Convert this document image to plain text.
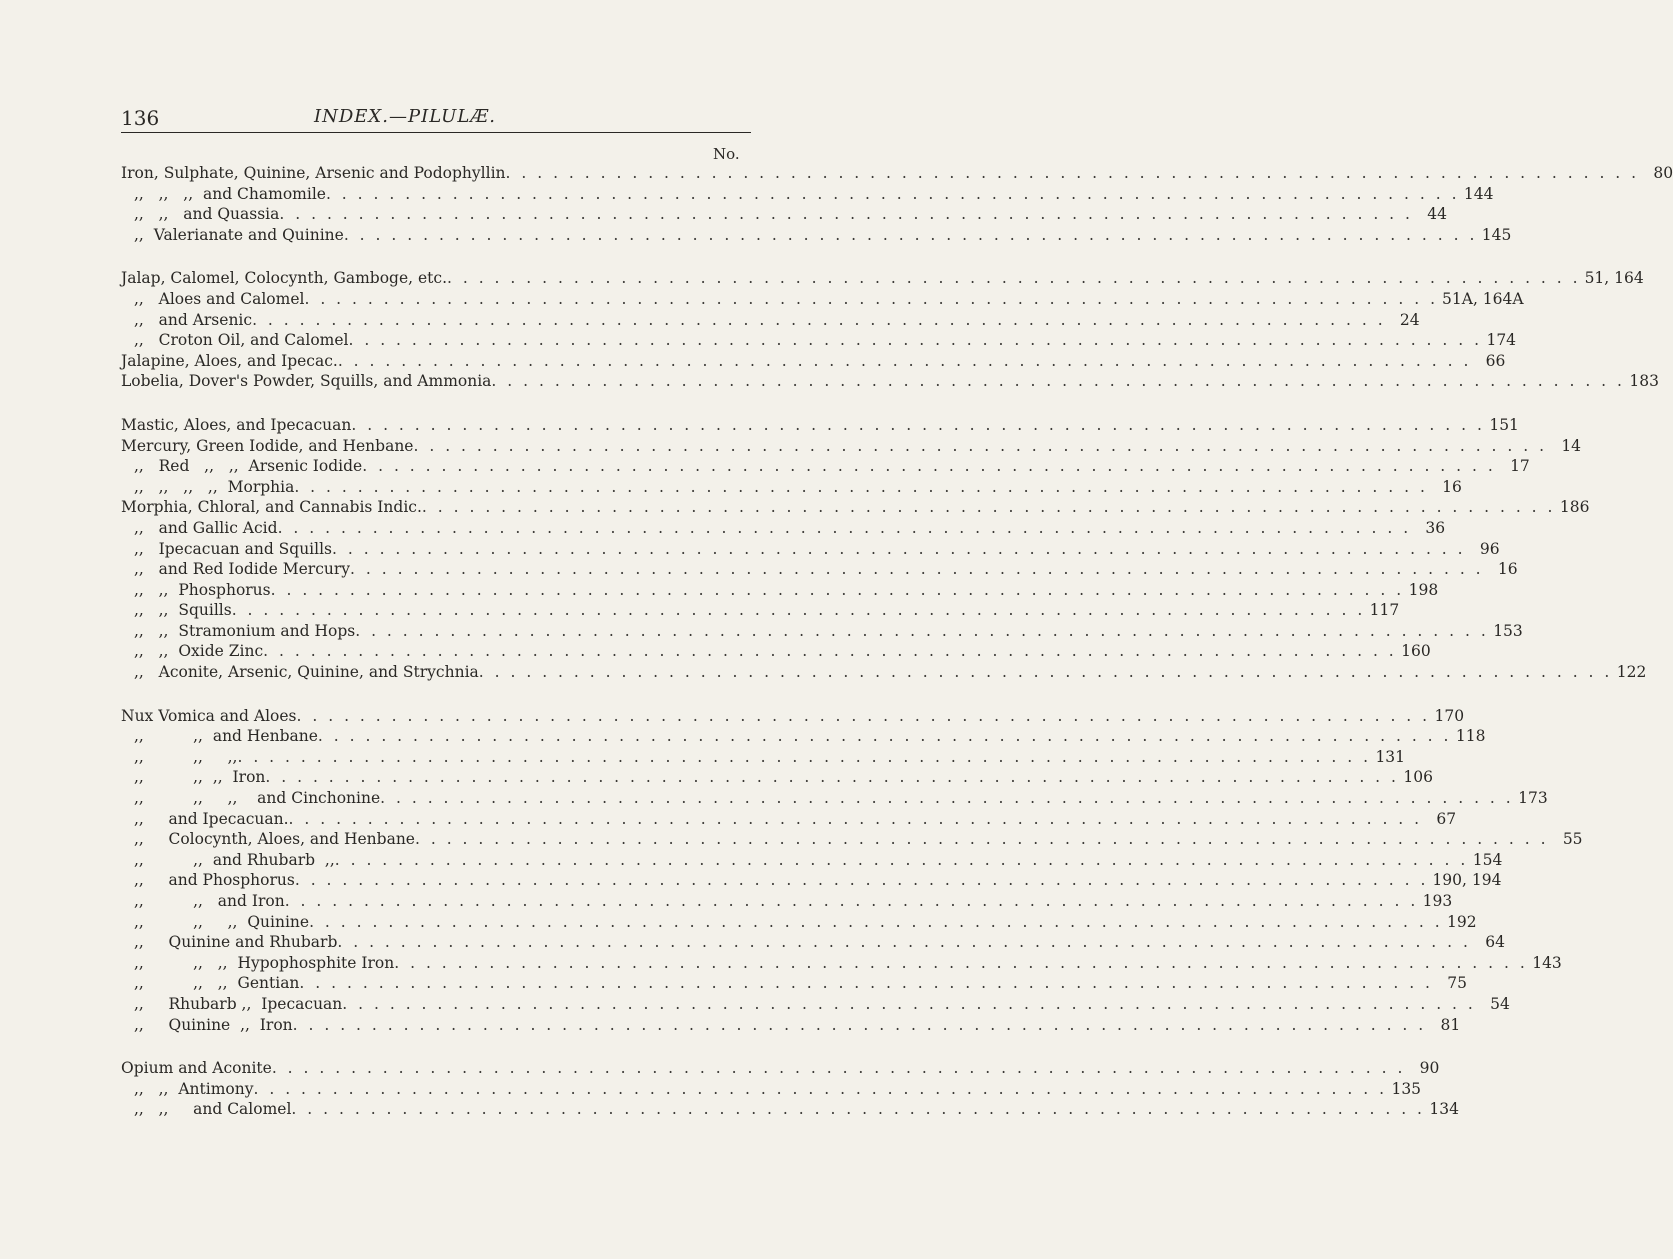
136	INDEX.—PILULÆ.
No.
Iron, Sulphate, Quinine, Arsenic and Podophyllin . . . . . . . . . . . . . . . . . . . . . . . . . . . . . . . . . . . . . . . . . . . . . . . . . . . . . . . . . . . . . . . . . . . . . . . . 80
,,   ,,   ,,  and Chamomile . . . . . . . . . . . . . . . . . . . . . . . . . . . . . . . . . . . . . . . . . . . . . . . . . . . . . . . . . . . . . . . . . . . . . . . . 144
,,   ,,   and Quassia . . . . . . . . . . . . . . . . . . . . . . . . . . . . . . . . . . . . . . . . . . . . . . . . . . . . . . . . . . . . . . . . . . . . . . . . 44
,,  Valerianate and Quinine . . . . . . . . . . . . . . . . . . . . . . . . . . . . . . . . . . . . . . . . . . . . . . . . . . . . . . . . . . . . . . . . . . . . . . . . 145
Jalap, Calomel, Colocynth, Gamboge, etc. . . . . . . . . . . . . . . . . . . . . . . . . . . . . . . . . . . . . . . . . . . . . . . . . . . . . . . . . . . . . . . . . . . . . . . . . 51, 164
,,   Aloes and Calomel . . . . . . . . . . . . . . . . . . . . . . . . . . . . . . . . . . . . . . . . . . . . . . . . . . . . . . . . . . . . . . . . . . . . . . . . 51A, 164A
,,   and Arsenic . . . . . . . . . . . . . . . . . . . . . . . . . . . . . . . . . . . . . . . . . . . . . . . . . . . . . . . . . . . . . . . . . . . . . . . . 24
,,   Croton Oil, and Calomel . . . . . . . . . . . . . . . . . . . . . . . . . . . . . . . . . . . . . . . . . . . . . . . . . . . . . . . . . . . . . . . . . . . . . . . . 174
Jalapine, Aloes, and Ipecac. . . . . . . . . . . . . . . . . . . . . . . . . . . . . . . . . . . . . . . . . . . . . . . . . . . . . . . . . . . . . . . . . . . . . . . . . 66
Lobelia, Dover's Powder, Squills, and Ammonia . . . . . . . . . . . . . . . . . . . . . . . . . . . . . . . . . . . . . . . . . . . . . . . . . . . . . . . . . . . . . . . . . . . . . . . . 183
Mastic, Aloes, and Ipecacuan . . . . . . . . . . . . . . . . . . . . . . . . . . . . . . . . . . . . . . . . . . . . . . . . . . . . . . . . . . . . . . . . . . . . . . . . 151
Mercury, Green Iodide, and Henbane . . . . . . . . . . . . . . . . . . . . . . . . . . . . . . . . . . . . . . . . . . . . . . . . . . . . . . . . . . . . . . . . . . . . . . . . 14
,,   Red   ,,   ,,  Arsenic Iodide . . . . . . . . . . . . . . . . . . . . . . . . . . . . . . . . . . . . . . . . . . . . . . . . . . . . . . . . . . . . . . . . . . . . . . . . 17
,,   ,,   ,,   ,,  Morphia . . . . . . . . . . . . . . . . . . . . . . . . . . . . . . . . . . . . . . . . . . . . . . . . . . . . . . . . . . . . . . . . . . . . . . . . 16
Morphia, Chloral, and Cannabis Indic. . . . . . . . . . . . . . . . . . . . . . . . . . . . . . . . . . . . . . . . . . . . . . . . . . . . . . . . . . . . . . . . . . . . . . . . . 186
,,   and Gallic Acid . . . . . . . . . . . . . . . . . . . . . . . . . . . . . . . . . . . . . . . . . . . . . . . . . . . . . . . . . . . . . . . . . . . . . . . . 36
,,   Ipecacuan and Squills . . . . . . . . . . . . . . . . . . . . . . . . . . . . . . . . . . . . . . . . . . . . . . . . . . . . . . . . . . . . . . . . . . . . . . . . 96
,,   and Red Iodide Mercury . . . . . . . . . . . . . . . . . . . . . . . . . . . . . . . . . . . . . . . . . . . . . . . . . . . . . . . . . . . . . . . . . . . . . . . . 16
,,   ,,  Phosphorus . . . . . . . . . . . . . . . . . . . . . . . . . . . . . . . . . . . . . . . . . . . . . . . . . . . . . . . . . . . . . . . . . . . . . . . . 198
,,   ,,  Squills . . . . . . . . . . . . . . . . . . . . . . . . . . . . . . . . . . . . . . . . . . . . . . . . . . . . . . . . . . . . . . . . . . . . . . . . 117
,,   ,,  Stramonium and Hops . . . . . . . . . . . . . . . . . . . . . . . . . . . . . . . . . . . . . . . . . . . . . . . . . . . . . . . . . . . . . . . . . . . . . . . . 153
,,   ,,  Oxide Zinc . . . . . . . . . . . . . . . . . . . . . . . . . . . . . . . . . . . . . . . . . . . . . . . . . . . . . . . . . . . . . . . . . . . . . . . . 160
,,   Aconite, Arsenic, Quinine, and Strychnia . . . . . . . . . . . . . . . . . . . . . . . . . . . . . . . . . . . . . . . . . . . . . . . . . . . . . . . . . . . . . . . . . . . . . . . . 122
Nux Vomica and Aloes . . . . . . . . . . . . . . . . . . . . . . . . . . . . . . . . . . . . . . . . . . . . . . . . . . . . . . . . . . . . . . . . . . . . . . . . 170
,,          ,,  and Henbane . . . . . . . . . . . . . . . . . . . . . . . . . . . . . . . . . . . . . . . . . . . . . . . . . . . . . . . . . . . . . . . . . . . . . . . . 118
,,          ,,     ,, . . . . . . . . . . . . . . . . . . . . . . . . . . . . . . . . . . . . . . . . . . . . . . . . . . . . . . . . . . . . . . . . . . . . . . . . 131
,,          ,,  ,,  Iron . . . . . . . . . . . . . . . . . . . . . . . . . . . . . . . . . . . . . . . . . . . . . . . . . . . . . . . . . . . . . . . . . . . . . . . . 106
,,          ,,     ,,    and Cinchonine . . . . . . . . . . . . . . . . . . . . . . . . . . . . . . . . . . . . . . . . . . . . . . . . . . . . . . . . . . . . . . . . . . . . . . . . 173
,,     and Ipecacuan. . . . . . . . . . . . . . . . . . . . . . . . . . . . . . . . . . . . . . . . . . . . . . . . . . . . . . . . . . . . . . . . . . . . . . . . . 67
,,     Colocynth, Aloes, and Henbane . . . . . . . . . . . . . . . . . . . . . . . . . . . . . . . . . . . . . . . . . . . . . . . . . . . . . . . . . . . . . . . . . . . . . . . . 55
,,          ,,  and Rhubarb  ,, . . . . . . . . . . . . . . . . . . . . . . . . . . . . . . . . . . . . . . . . . . . . . . . . . . . . . . . . . . . . . . . . . . . . . . . . 154
,,     and Phosphorus . . . . . . . . . . . . . . . . . . . . . . . . . . . . . . . . . . . . . . . . . . . . . . . . . . . . . . . . . . . . . . . . . . . . . . . . 190, 194
,,          ,,   and Iron . . . . . . . . . . . . . . . . . . . . . . . . . . . . . . . . . . . . . . . . . . . . . . . . . . . . . . . . . . . . . . . . . . . . . . . . 193
,,          ,,     ,,  Quinine . . . . . . . . . . . . . . . . . . . . . . . . . . . . . . . . . . . . . . . . . . . . . . . . . . . . . . . . . . . . . . . . . . . . . . . . 192
,,     Quinine and Rhubarb . . . . . . . . . . . . . . . . . . . . . . . . . . . . . . . . . . . . . . . . . . . . . . . . . . . . . . . . . . . . . . . . . . . . . . . . 64
,,          ,,   ,,  Hypophosphite Iron . . . . . . . . . . . . . . . . . . . . . . . . . . . . . . . . . . . . . . . . . . . . . . . . . . . . . . . . . . . . . . . . . . . . . . . . 143
,,          ,,   ,,  Gentian . . . . . . . . . . . . . . . . . . . . . . . . . . . . . . . . . . . . . . . . . . . . . . . . . . . . . . . . . . . . . . . . . . . . . . . . 75
,,     Rhubarb ,,  Ipecacuan . . . . . . . . . . . . . . . . . . . . . . . . . . . . . . . . . . . . . . . . . . . . . . . . . . . . . . . . . . . . . . . . . . . . . . . . 54
,,     Quinine  ,,  Iron . . . . . . . . . . . . . . . . . . . . . . . . . . . . . . . . . . . . . . . . . . . . . . . . . . . . . . . . . . . . . . . . . . . . . . . . 81
Opium and Aconite . . . . . . . . . . . . . . . . . . . . . . . . . . . . . . . . . . . . . . . . . . . . . . . . . . . . . . . . . . . . . . . . . . . . . . . . 90
,,   ,,  Antimony . . . . . . . . . . . . . . . . . . . . . . . . . . . . . . . . . . . . . . . . . . . . . . . . . . . . . . . . . . . . . . . . . . . . . . . . 135
,,   ,,     and Calomel . . . . . . . . . . . . . . . . . . . . . . . . . . . . . . . . . . . . . . . . . . . . . . . . . . . . . . . . . . . . . . . . . . . . . . . . 134
